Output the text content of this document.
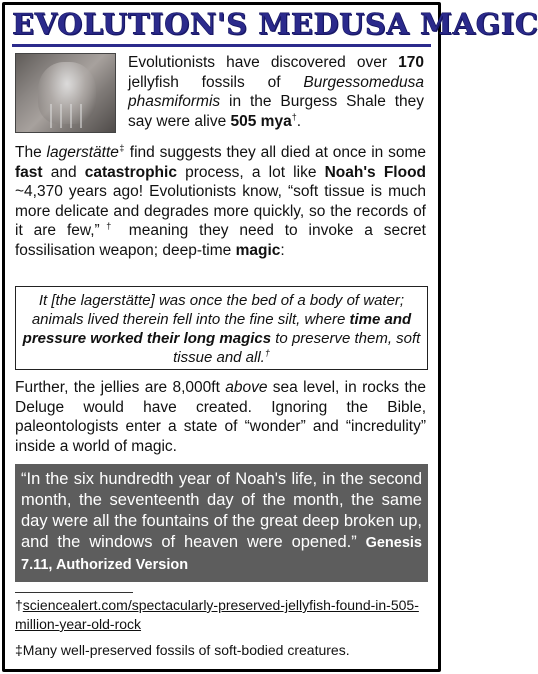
EVOLUTION'S MEDUSA MAGIC
Evolutionists have discovered over 170 jellyfish fossils of Burgessomedusa phasmiformis in the Burgess Shale they say were alive 505 mya†.
The lagerstätte‡ find suggests they all died at once in some fast and catastrophic process, a lot like Noah's Flood ~4,370 years ago! Evolutionists know, “soft tissue is much more delicate and degrades more quickly, so the records of it are few,”† meaning they need to invoke a secret fossilisation weapon; deep-time magic:

It [the lagerstätte] was once the bed of a body of water; animals lived therein fell into the fine silt, where time and pressure worked their long magics to preserve them, soft tissue and all.†

Further, the jellies are 8,000ft above sea level, in rocks the Deluge would have created. Ignoring the Bible, paleontologists enter a state of “wonder” and “incredulity” inside a world of magic.
“In the six hundredth year of Noah's life, in the second month, the seventeenth day of the month, the same day were all the fountains of the great deep broken up, and the windows of heaven were opened.” Genesis 7.11, Authorized Version
†sciencealert.com/spectacularly-preserved-jellyfish-found-in-505-million-year-old-rock
‡Many well-preserved fossils of soft-bodied creatures.
